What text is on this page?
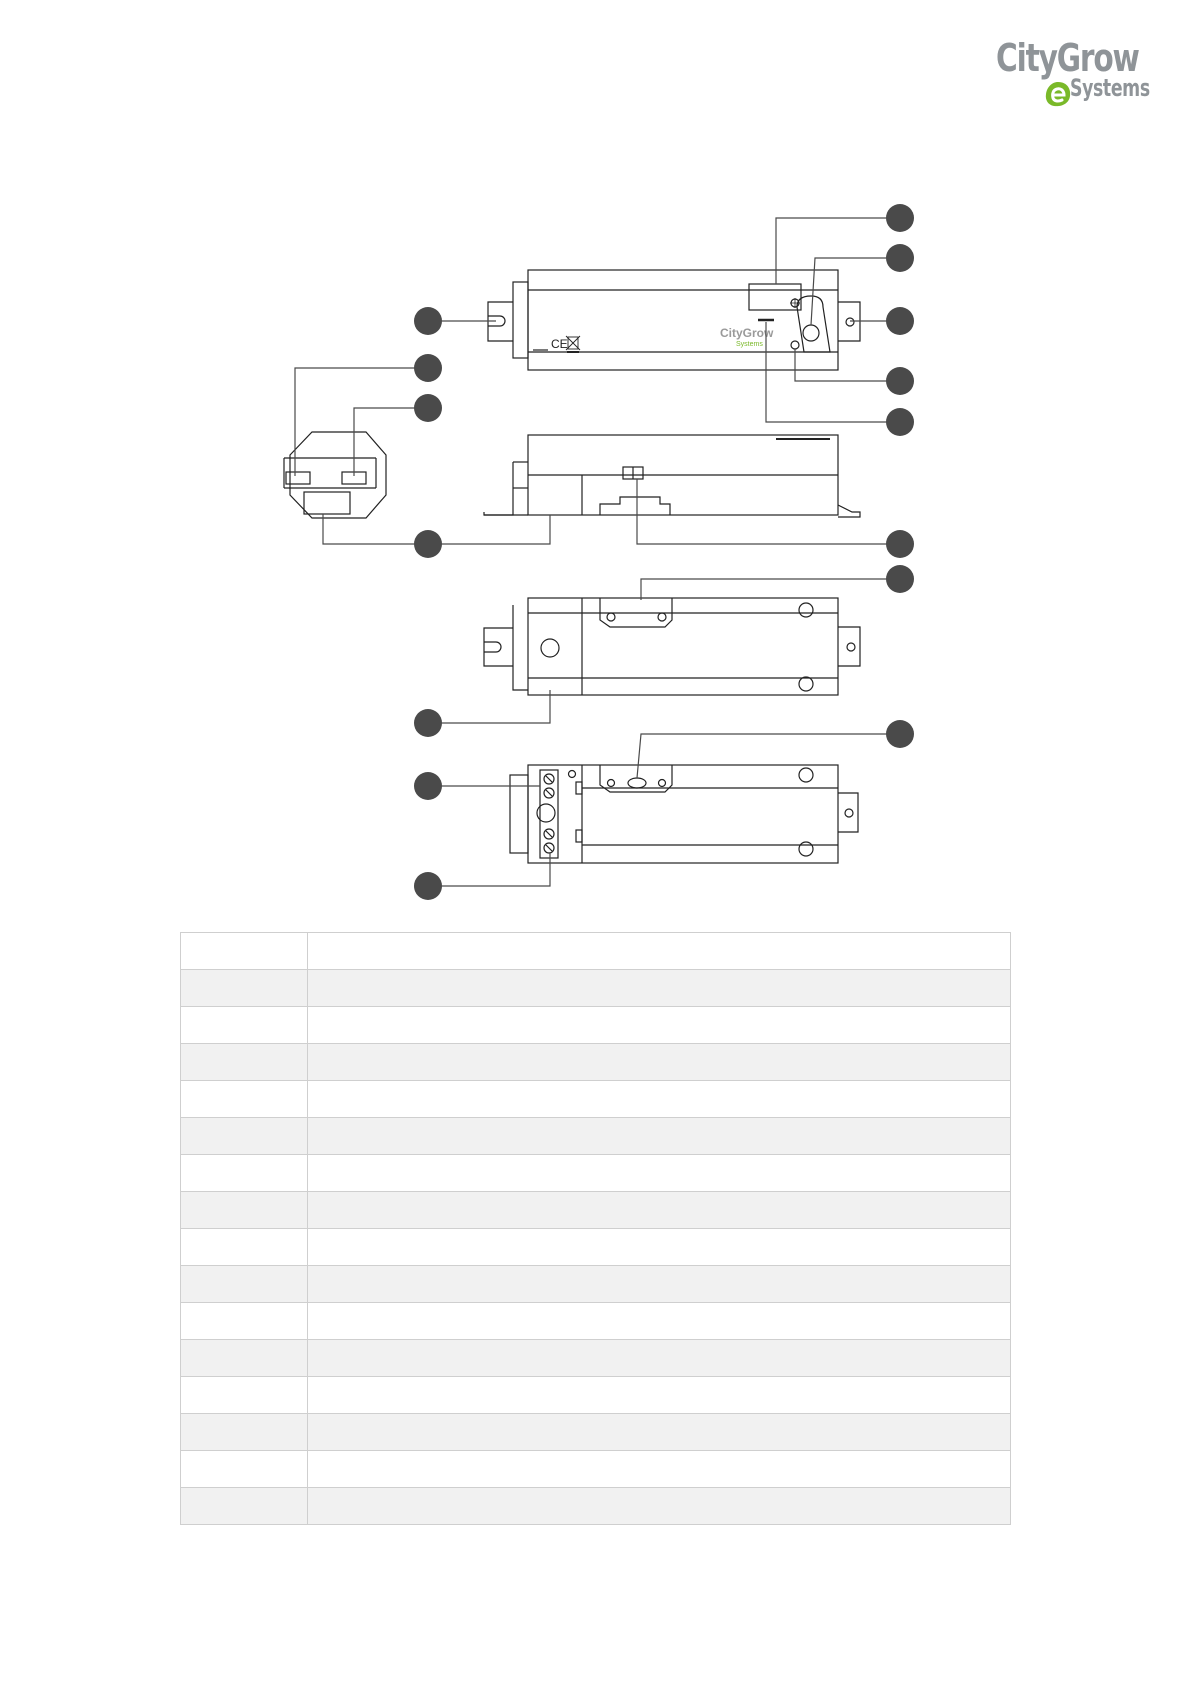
CityGrow
Systems
CE
CityGrow
Systems
